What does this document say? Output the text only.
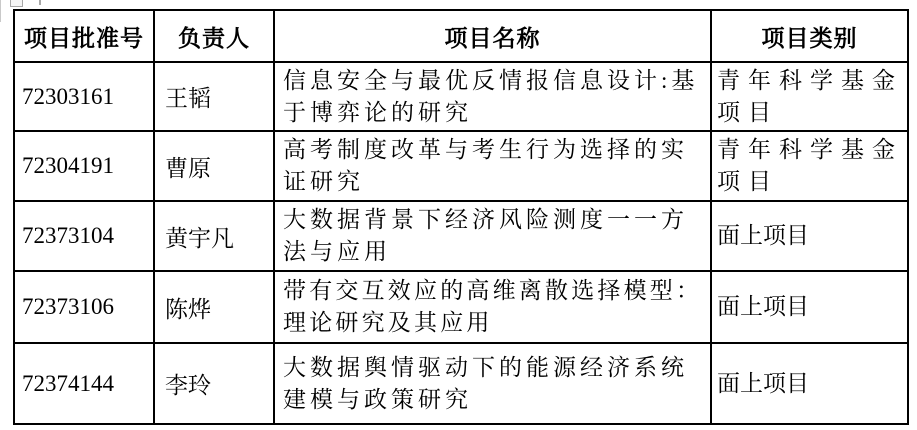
项目批准号	负责人	项目名称	项目类别
72303161	王韬	信息安全与最优反情报信息设计:基于博弈论的研究	青年科学基金项目
72304191	曹原	高考制度改革与考生行为选择的实证研究	青年科学基金项目
72373104	黄宇凡	大数据背景下经济风险测度一一方法与应用	面上项目
72373106	陈烨	带有交互效应的高维离散选择模型：理论研究及其应用	面上项目
72374144	李玲	大数据舆情驱动下的能源经济系统建模与政策研究	面上项目
